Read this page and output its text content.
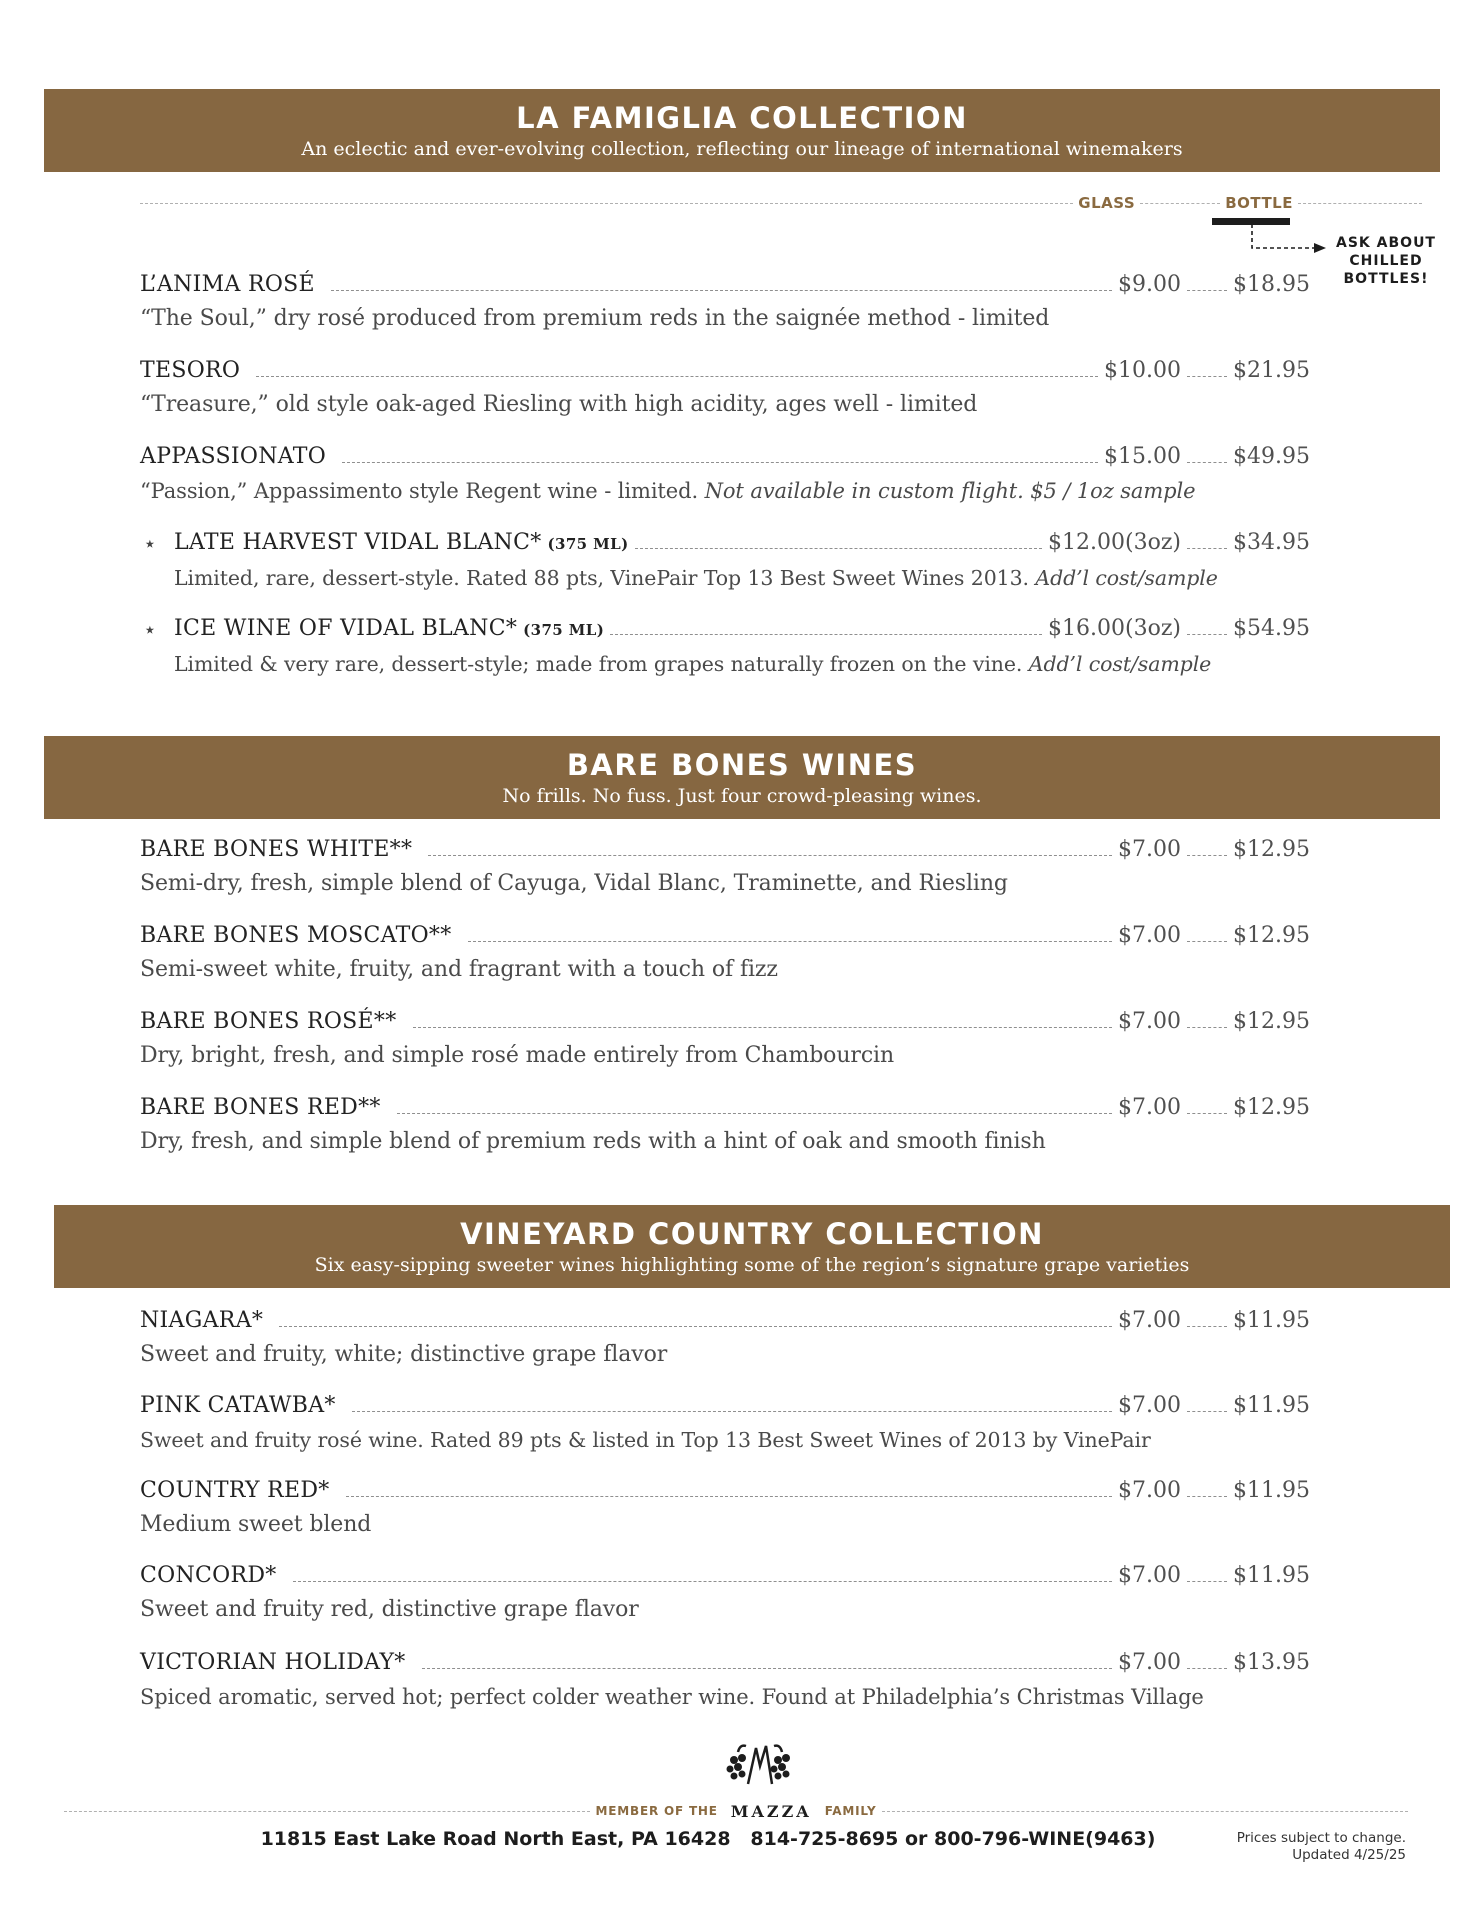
LA FAMIGLIA COLLECTION
An eclectic and ever-evolving collection, reflecting our lineage of international winemakers
GLASS	BOTTLE
ASK ABOUT
CHILLED
BOTTLES!
L’ANIMA ROSÉ	$9.00 $18.95
“The Soul,” dry rosé produced from premium reds in the saignée method - limited
TESORO	$10.00 $21.95
“Treasure,” old style oak-aged Riesling with high acidity, ages well - limited
APPASSIONATO	$15.00 $49.95
“Passion,” Appassimento style Regent wine - limited. Not available in custom flight. $5 / 1oz sample
⋆ LATE HARVEST VIDAL BLANC* (375 ML)	$12.00(3oz) $34.95
Limited, rare, dessert-style. Rated 88 pts, VinePair Top 13 Best Sweet Wines 2013. Add’l cost/sample
⋆ ICE WINE OF VIDAL BLANC* (375 ML)	$16.00(3oz) $54.95
Limited & very rare, dessert-style; made from grapes naturally frozen on the vine. Add’l cost/sample
BARE BONES WINES
No frills. No fuss. Just four crowd-pleasing wines.
BARE BONES WHITE**	$7.00 $12.95
Semi-dry, fresh, simple blend of Cayuga, Vidal Blanc, Traminette, and Riesling
BARE BONES MOSCATO**	$7.00 $12.95
Semi-sweet white, fruity, and fragrant with a touch of fizz
BARE BONES ROSÉ**	$7.00 $12.95
Dry, bright, fresh, and simple rosé made entirely from Chambourcin
BARE BONES RED**	$7.00 $12.95
Dry, fresh, and simple blend of premium reds with a hint of oak and smooth finish
VINEYARD COUNTRY COLLECTION
Six easy-sipping sweeter wines highlighting some of the region’s signature grape varieties
NIAGARA*	$7.00 $11.95
Sweet and fruity, white; distinctive grape flavor
PINK CATAWBA*	$7.00 $11.95
Sweet and fruity rosé wine. Rated 89 pts & listed in Top 13 Best Sweet Wines of 2013 by VinePair
COUNTRY RED*	$7.00 $11.95
Medium sweet blend
CONCORD*	$7.00 $11.95
Sweet and fruity red, distinctive grape flavor
VICTORIAN HOLIDAY*	$7.00 $13.95
Spiced aromatic, served hot; perfect colder weather wine. Found at Philadelphia’s Christmas Village
MEMBER OF THE MAZZA	FAMILY
11815 East Lake Road North East, PA 16428   814-725-8695 or 800-796-WINE(9463)	Prices subject to change.
Updated 4/25/25
